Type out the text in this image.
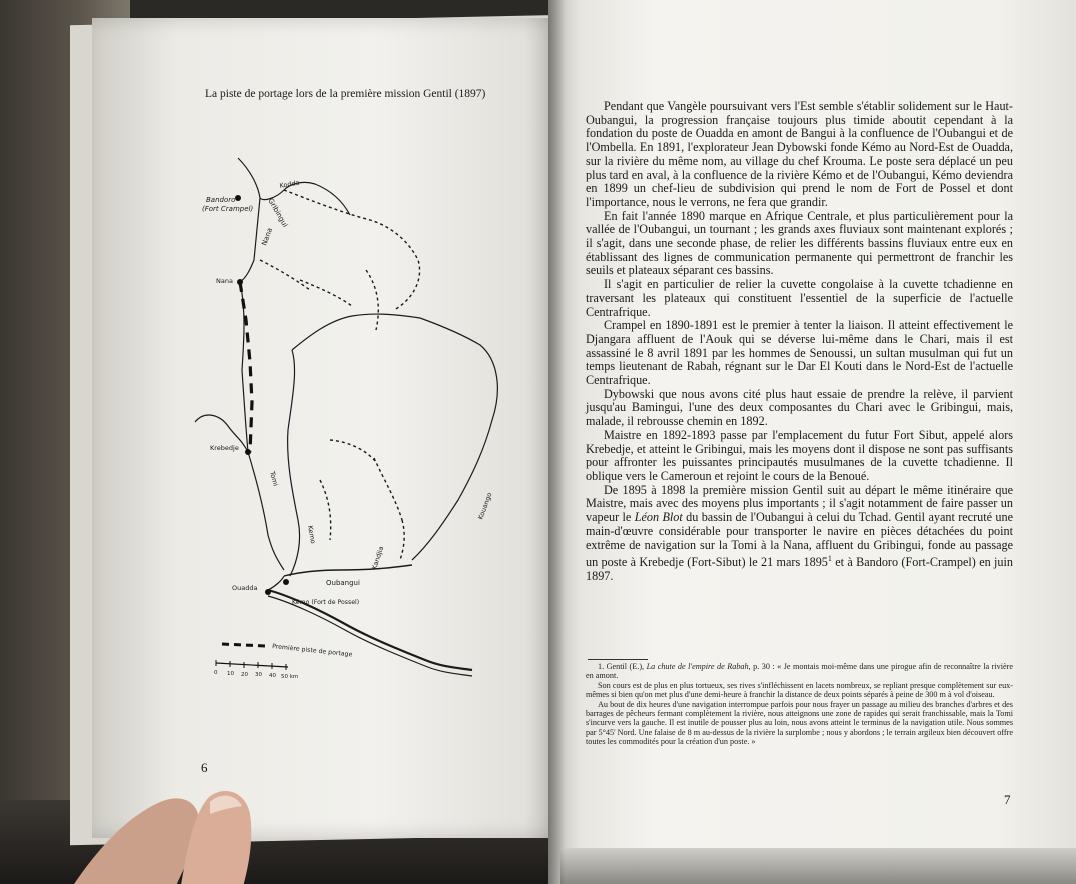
La piste de portage lors de la première mission Gentil (1897)
Bandoro
(Fort Crampel)
Kodda
Gribingui
Nana
Nana
Krebedje
Tomi
Kemo
Kandjia
Kouango
Ouadda
Oubangui
Kémo (Fort de Possel)
Première piste de portage
0 10 20 30 40 50 km
6

Pendant que Vangèle poursuivant vers l'Est semble s'établir solidement sur le Haut-Oubangui, la progression française toujours plus timide aboutit cependant à la fondation du poste de Ouadda en amont de Bangui à la confluence de l'Oubangui et de l'Ombella. En 1891, l'explorateur Jean Dybowski fonde Kémo au Nord-Est de Ouadda, sur la rivière du même nom, au village du chef Krouma. Le poste sera déplacé un peu plus tard en aval, à la confluence de la rivière Kémo et de l'Oubangui, Kémo deviendra en 1899 un chef-lieu de subdivision qui prend le nom de Fort de Possel et dont l'importance, nous le verrons, ne fera que grandir.

En fait l'année 1890 marque en Afrique Centrale, et plus particulièrement pour la vallée de l'Oubangui, un tournant ; les grands axes fluviaux sont maintenant explorés ; il s'agit, dans une seconde phase, de relier les différents bassins fluviaux entre eux en établissant des lignes de communication permanente qui permettront de franchir les seuils et plateaux séparant ces bassins.

Il s'agit en particulier de relier la cuvette congolaise à la cuvette tchadienne en traversant les plateaux qui constituent l'essentiel de la superficie de l'actuelle Centrafrique.

Crampel en 1890-1891 est le premier à tenter la liaison. Il atteint effectivement le Djangara affluent de l'Aouk qui se déverse lui-même dans le Chari, mais il est assassiné le 8 avril 1891 par les hommes de Senoussi, un sultan musulman qui fut un temps lieutenant de Rabah, régnant sur le Dar El Kouti dans le Nord-Est de l'actuelle Centrafrique.

Dybowski que nous avons cité plus haut essaie de prendre la relève, il parvient jusqu'au Bamingui, l'une des deux composantes du Chari avec le Gribingui, mais, malade, il rebrousse chemin en 1892.

Maistre en 1892-1893 passe par l'emplacement du futur Fort Sibut, appelé alors Krebedje, et atteint le Gribingui, mais les moyens dont il dispose ne sont pas suffisants pour affronter les puissantes principautés musulmanes de la cuvette tchadienne. Il oblique vers le Cameroun et rejoint le cours de la Benoué.

De 1895 à 1898 la première mission Gentil suit au départ le même itinéraire que Maistre, mais avec des moyens plus importants ; il s'agit notamment de faire passer un vapeur le Léon Blot du bassin de l'Oubangui à celui du Tchad. Gentil ayant recruté une main-d'œuvre considérable pour transporter le navire en pièces détachées du point extrême de navigation sur la Tomi à la Nana, affluent du Gribingui, fonde au passage un poste à Krebedje (Fort-Sibut) le 21 mars 1895$^1$ et à Bandoro (Fort-Crampel) en juin 1897.

1. Gentil (E.), La chute de l'empire de Rabah, p. 30 : « Je montais moi-même dans une pirogue afin de reconnaître la rivière en amont.

Son cours est de plus en plus tortueux, ses rives s'infléchissent en lacets nombreux, se repliant presque complètement sur eux-mêmes si bien qu'on met plus d'une demi-heure à franchir la distance de deux points séparés à peine de 300 m à vol d'oiseau.

Au bout de dix heures d'une navigation interrompue parfois pour nous frayer un passage au milieu des branches d'arbres et des barrages de pêcheurs fermant complètement la rivière, nous atteignons une zone de rapides qui serait franchissable, mais la Tomi s'incurve vers la gauche. Il est inutile de pousser plus au loin, nous avons atteint le terminus de la navigation utile. Nous sommes par 5°45' Nord. Une falaise de 8 m au-dessus de la rivière la surplombe ; nous y abordons ; le terrain argileux bien découvert offre toutes les commodités pour la création d'un poste. »

7
